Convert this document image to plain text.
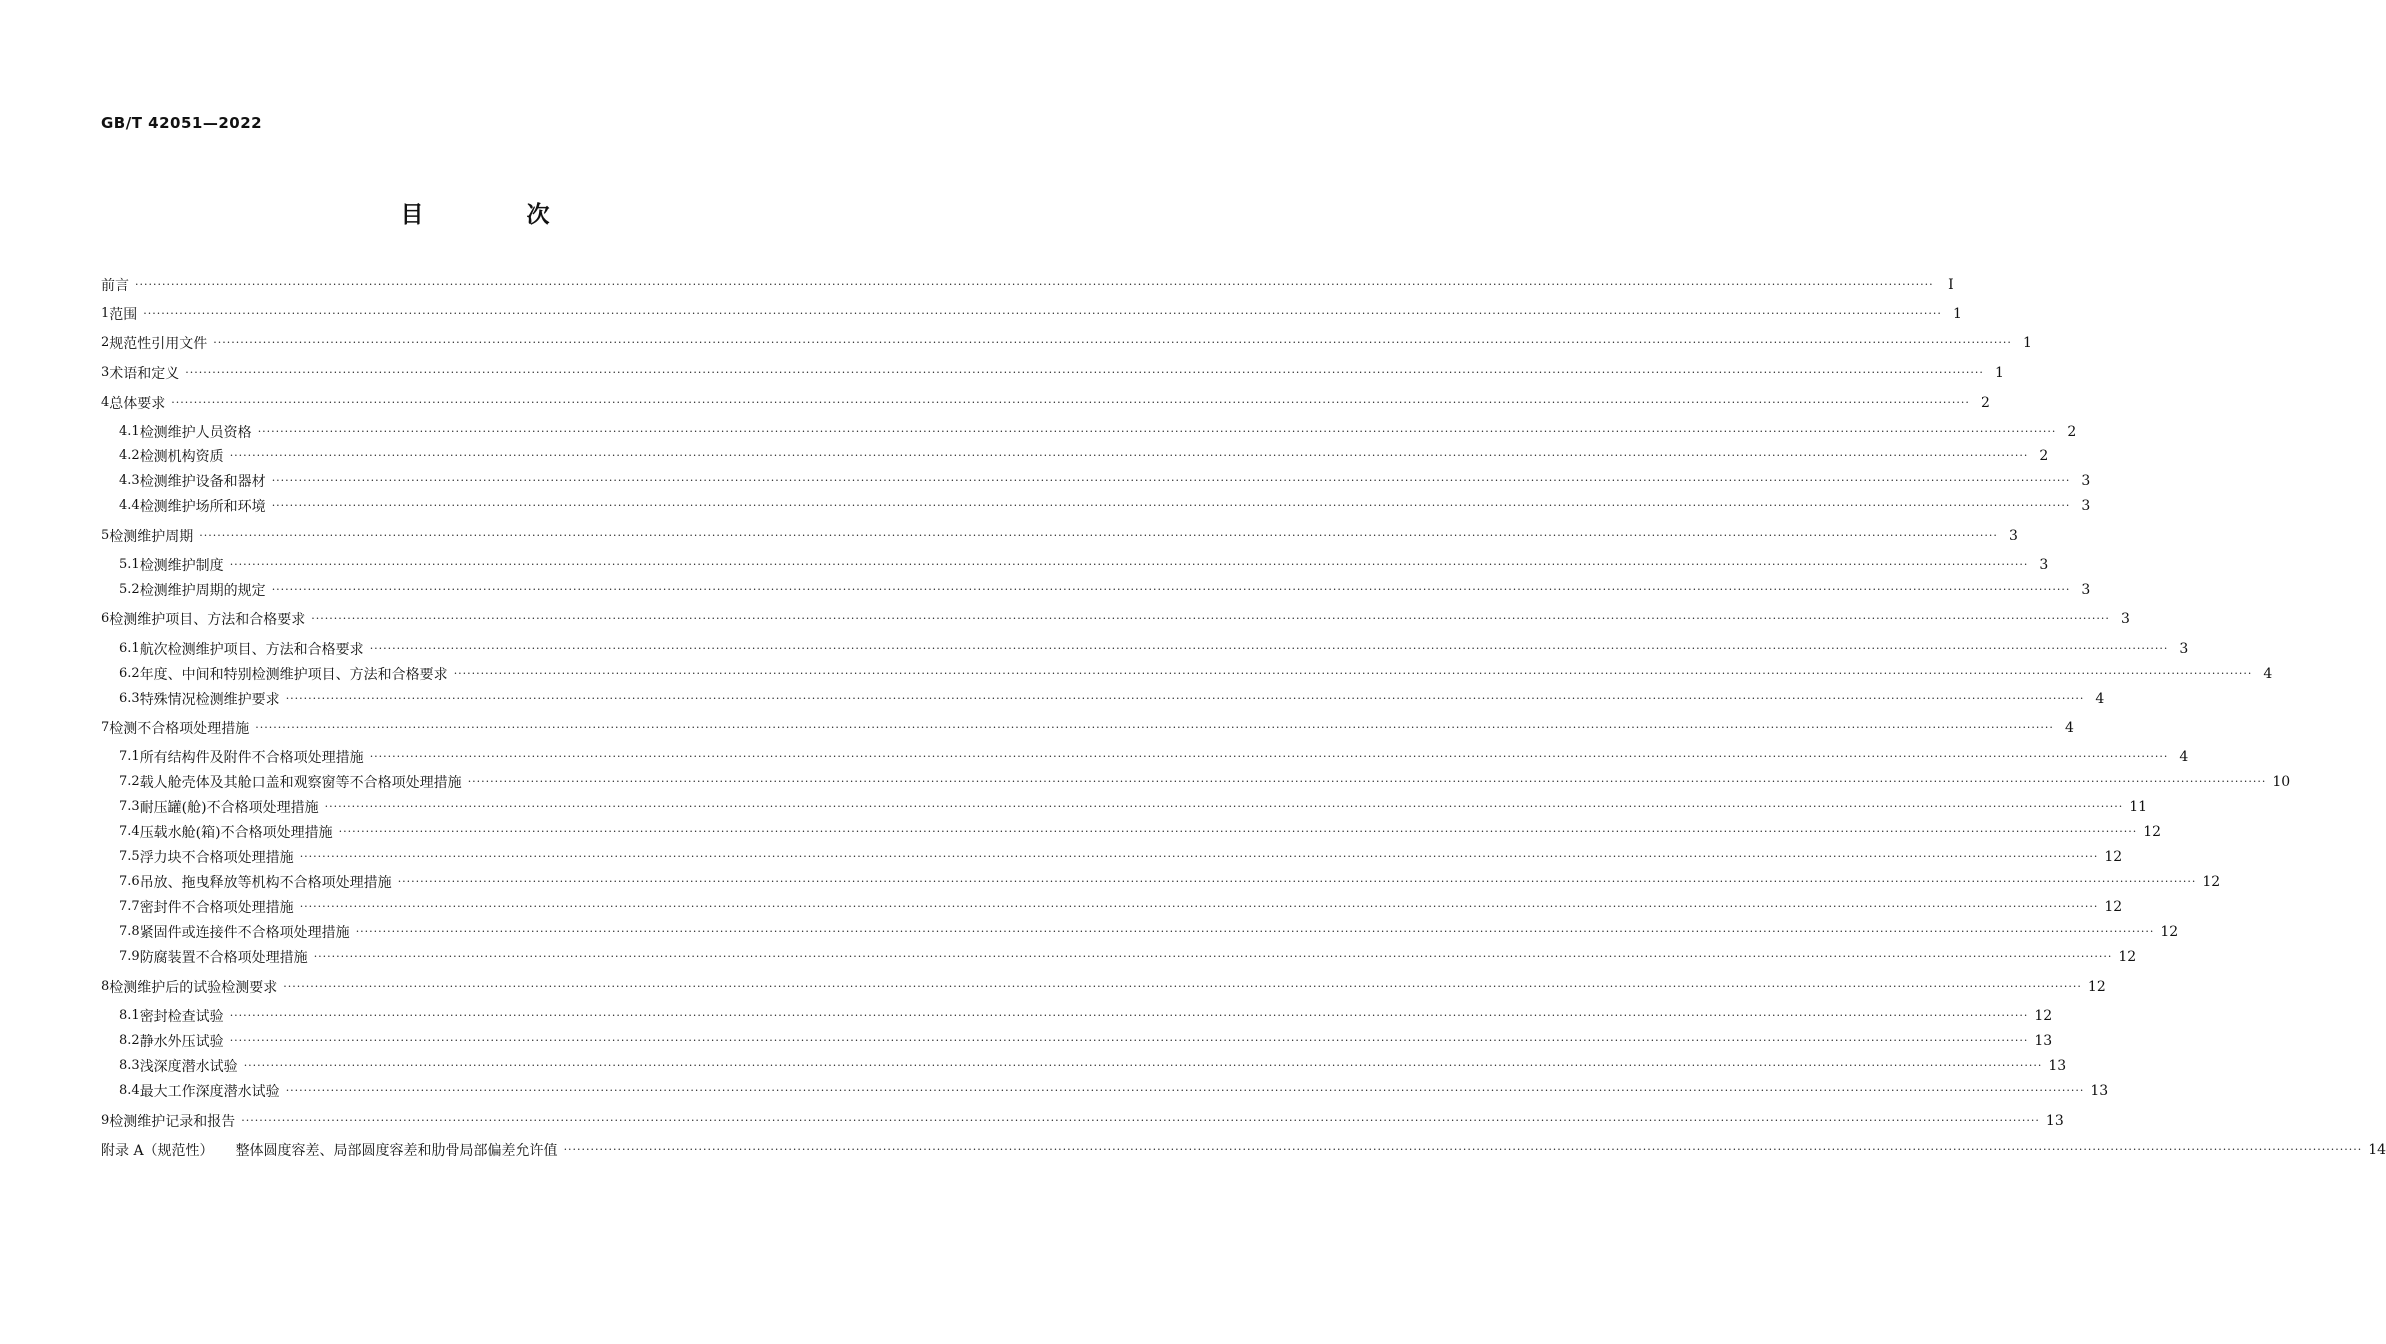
GB/T 42051—2022
目　次
前言 ················································································································································································································································································································································································································	Ⅰ
1 范围 ················································································································································································································································································································································································································ 1
2 规范性引用文件 ················································································································································································································································································································································································································ 1
3 术语和定义 ················································································································································································································································································································································································································ 1
4 总体要求 ················································································································································································································································································································································································································ 2
4.1 检测维护人员资格 ················································································································································································································································································································································································································ 2
4.2 检测机构资质 ················································································································································································································································································································································································································ 2
4.3 检测维护设备和器材 ················································································································································································································································································································································································································ 3
4.4 检测维护场所和环境 ················································································································································································································································································································································································································ 3
5 检测维护周期 ················································································································································································································································································································································································································ 3
5.1 检测维护制度 ················································································································································································································································································································································································································ 3
5.2 检测维护周期的规定 ················································································································································································································································································································································································································ 3
6 检测维护项目、方法和合格要求 ················································································································································································································································································································································································································ 3
6.1 航次检测维护项目、方法和合格要求 ················································································································································································································································································································································································································ 3
6.2 年度、中间和特别检测维护项目、方法和合格要求 ················································································································································································································································································································································································································ 4
6.3 特殊情况检测维护要求 ················································································································································································································································································································································································································ 4
7 检测不合格项处理措施 ················································································································································································································································································································································································································ 4
7.1 所有结构件及附件不合格项处理措施 ················································································································································································································································································································································································································ 4
7.2 载人舱壳体及其舱口盖和观察窗等不合格项处理措施 ················································································································································································································································································································································································································ 10
7.3 耐压罐(舱)不合格项处理措施 ················································································································································································································································································································································································································ 11
7.4 压载水舱(箱)不合格项处理措施 ················································································································································································································································································································································································································ 12
7.5 浮力块不合格项处理措施 ················································································································································································································································································································································································································ 12
7.6 吊放、拖曳释放等机构不合格项处理措施 ················································································································································································································································································································································································································ 12
7.7 密封件不合格项处理措施 ················································································································································································································································································································································································································ 12
7.8 紧固件或连接件不合格项处理措施 ················································································································································································································································································································································································································ 12
7.9 防腐装置不合格项处理措施 ················································································································································································································································································································································································································ 12
8 检测维护后的试验检测要求 ················································································································································································································································································································································································································ 12
8.1 密封检查试验 ················································································································································································································································································································································································································ 12
8.2 静水外压试验 ················································································································································································································································································································································································································ 13
8.3 浅深度潜水试验 ················································································································································································································································································································································································································ 13
8.4 最大工作深度潜水试验 ················································································································································································································································································································································································································ 13
9 检测维护记录和报告 ················································································································································································································································································································································································································ 13
附录 A（规范性） 整体圆度容差、局部圆度容差和肋骨局部偏差允许值 ················································································································································································································································································································································································································ 14
